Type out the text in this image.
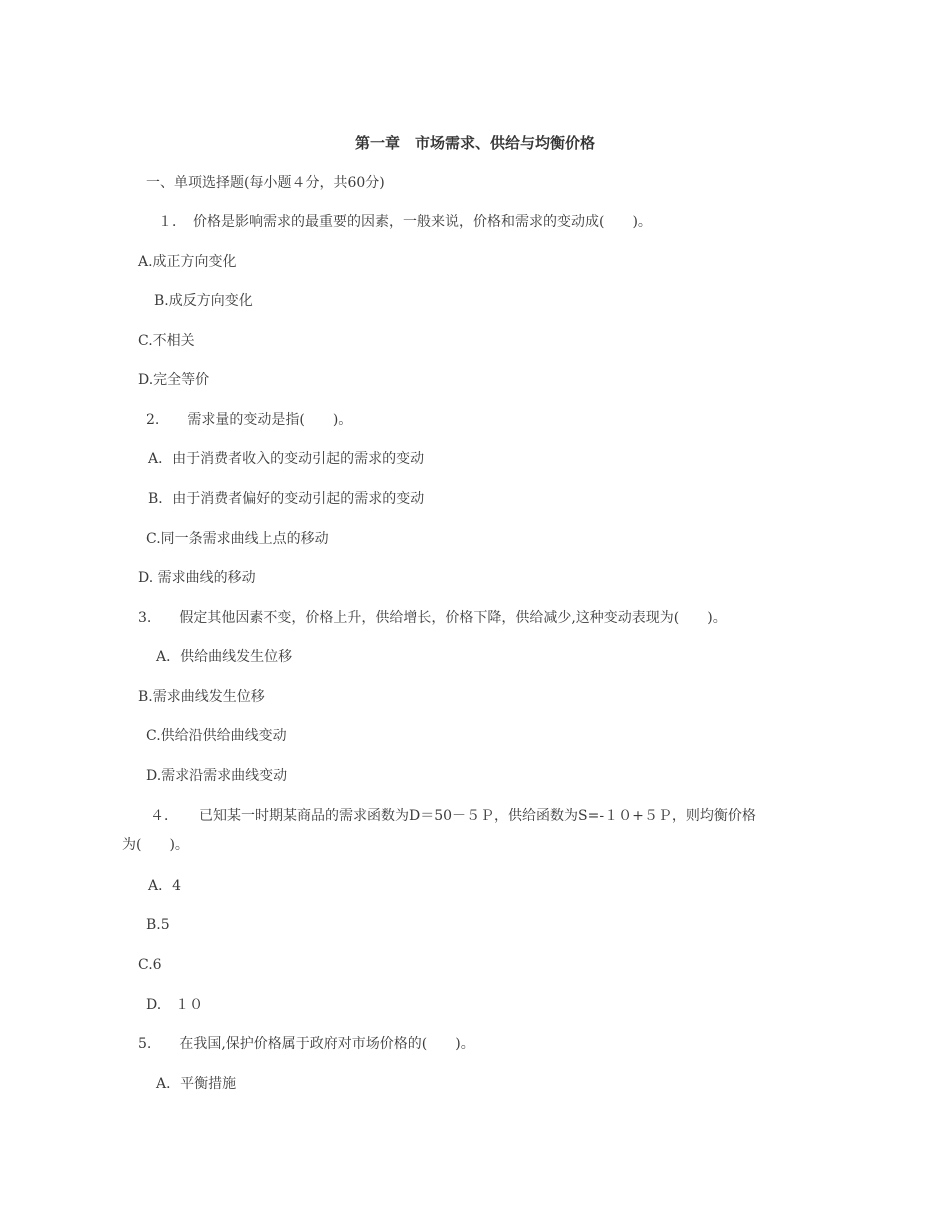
第一章　市场需求、供给与均衡价格
一、单项选择题(每小题４分，共60分)
１．　价格是影响需求的最重要的因素，一般来说，价格和需求的变动成(　　)。
A.成正方向变化
B.成反方向变化
C.不相关
D.完全等价
2.　　需求量的变动是指(　　)。
A．由于消费者收入的变动引起的需求的变动
B．由于消费者偏好的变动引起的需求的变动
C.同一条需求曲线上点的移动
D. 需求曲线的移动
3.　　假定其他因素不变，价格上升，供给增长，价格下降，供给减少,这种变动表现为(　　)。
A．供给曲线发生位移
B.需求曲线发生位移
C.供给沿供给曲线变动
D.需求沿需求曲线变动
４．　　已知某一时期某商品的需求函数为D＝50－５Ｐ，供给函数为S=-１０+５Ｐ，则均衡价格
为(　　)。
A．4
B.5
C.6
D.　１０
5.　　在我国,保护价格属于政府对市场价格的(　　)。
A．平衡措施
